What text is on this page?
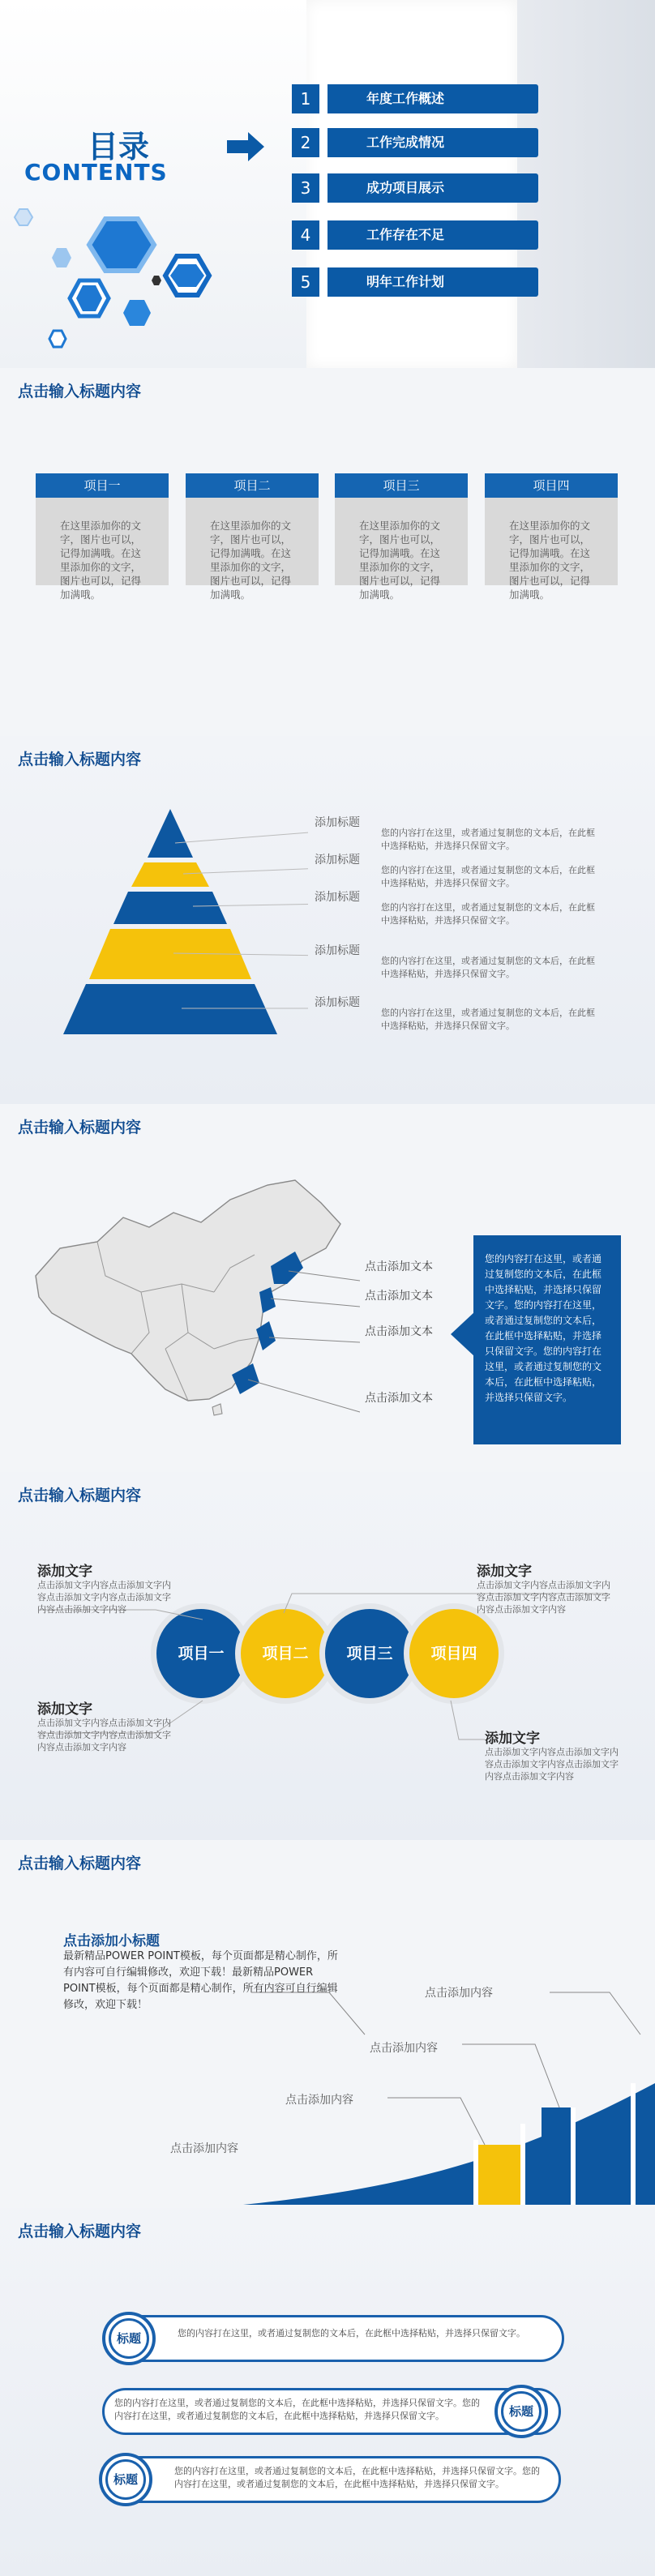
目录
CONTENTS
1	年度工作概述
2	工作完成情况
3	成功项目展示
4	工作存在不足
5	明年工作计划
点击输入标题内容
项目一
在这里添加你的文字，图片也可以，记得加满哦。在这里添加你的文字，图片也可以，记得加满哦。
项目二
在这里添加你的文字，图片也可以，记得加满哦。在这里添加你的文字，图片也可以，记得加满哦。
项目三
在这里添加你的文字，图片也可以，记得加满哦。在这里添加你的文字，图片也可以，记得加满哦。
项目四
在这里添加你的文字，图片也可以，记得加满哦。在这里添加你的文字，图片也可以，记得加满哦。
点击输入标题内容
添加标题
您的内容打在这里，或者通过复制您的文本后，在此框中选择粘贴，并选择只保留文字。
添加标题
您的内容打在这里，或者通过复制您的文本后，在此框中选择粘贴，并选择只保留文字。
添加标题
您的内容打在这里，或者通过复制您的文本后，在此框中选择粘贴，并选择只保留文字。
添加标题
您的内容打在这里，或者通过复制您的文本后，在此框中选择粘贴，并选择只保留文字。
添加标题
您的内容打在这里，或者通过复制您的文本后，在此框中选择粘贴，并选择只保留文字。
点击输入标题内容
点击添加文本
点击添加文本
点击添加文本
点击添加文本
您的内容打在这里，或者通过复制您的文本后，在此框中选择粘贴，并选择只保留文字。您的内容打在这里，或者通过复制您的文本后，在此框中选择粘贴，并选择只保留文字。您的内容打在这里，或者通过复制您的文本后，在此框中选择粘贴，并选择只保留文字。
点击输入标题内容
项目一	项目二	项目三	项目四
添加文字
点击添加文字内容点击添加文字内容点击添加文字内容点击添加文字内容点击添加文字内容
添加文字
点击添加文字内容点击添加文字内容点击添加文字内容点击添加文字内容点击添加文字内容
添加文字
点击添加文字内容点击添加文字内容点击添加文字内容点击添加文字内容点击添加文字内容
添加文字
点击添加文字内容点击添加文字内容点击添加文字内容点击添加文字内容点击添加文字内容
点击输入标题内容
点击添加小标题
最新精品POWER POINT模板，每个页面都是精心制作，所有内容可自行编辑修改，欢迎下载！最新精品POWER POINT模板，每个页面都是精心制作，所有内容可自行编辑修改，欢迎下载！
点击添加内容
点击添加内容
点击添加内容
点击添加内容
点击输入标题内容
您的内容打在这里，或者通过复制您的文本后，在此框中选择粘贴，并选择只保留文字。
标题
您的内容打在这里，或者通过复制您的文本后，在此框中选择粘贴，并选择只保留文字。您的内容打在这里，或者通过复制您的文本后，在此框中选择粘贴，并选择只保留文字。	标题
您的内容打在这里，或者通过复制您的文本后，在此框中选择粘贴，并选择只保留文字。您的内容打在这里，或者通过复制您的文本后，在此框中选择粘贴，并选择只保留文字。
标题
